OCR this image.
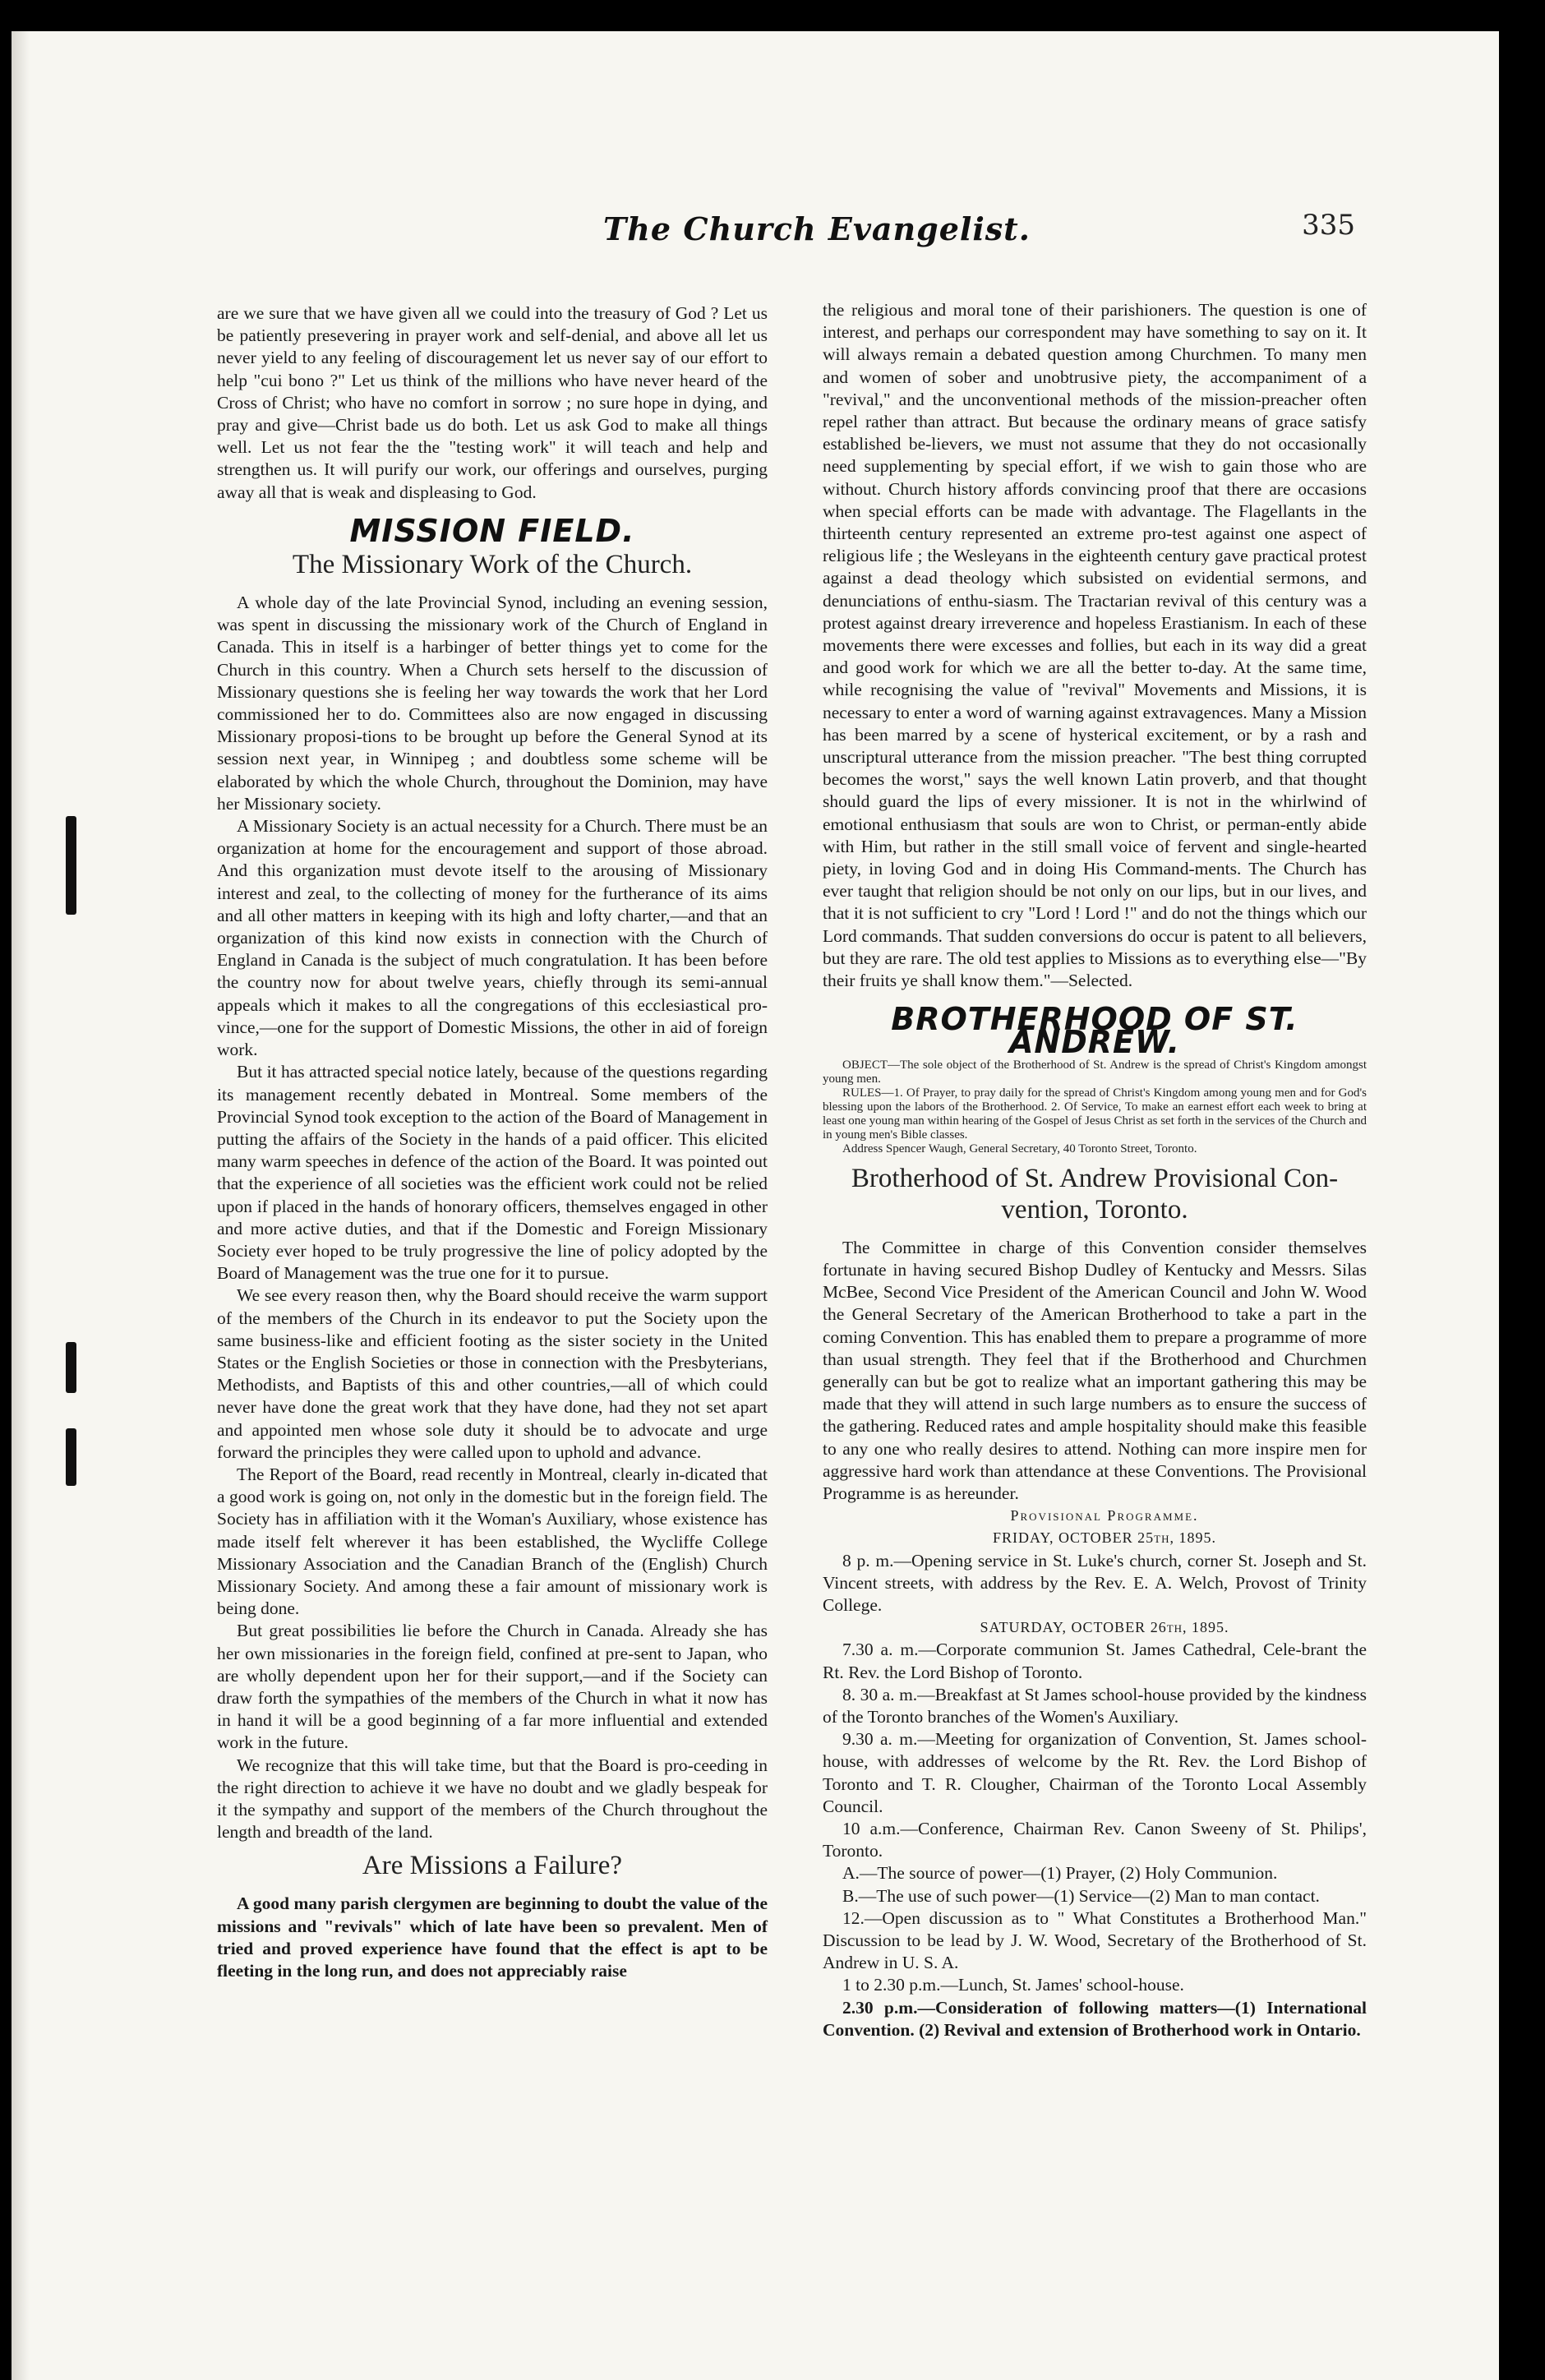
The Church Evangelist.	335

are we sure that we have given all we could into the treasury of God ? Let us be patiently presevering in prayer work and self-denial, and above all let us never yield to any feeling of discouragement let us never say of our effort to help "cui bono ?" Let us think of the millions who have never heard of the Cross of Christ; who have no comfort in sorrow ; no sure hope in dying, and pray and give—Christ bade us do both. Let us ask God to make all things well. Let us not fear the the "testing work" it will teach and help and strengthen us. It will purify our work, our offerings and ourselves, purging away all that is weak and displeasing to God.

MISSION FIELD.
The Missionary Work of the Church.

A whole day of the late Provincial Synod, including an evening session, was spent in discussing the missionary work of the Church of England in Canada. This in itself is a harbinger of better things yet to come for the Church in this country. When a Church sets herself to the discussion of Missionary questions she is feeling her way towards the work that her Lord commissioned her to do. Committees also are now engaged in discussing Missionary proposi-tions to be brought up before the General Synod at its session next year, in Winnipeg ; and doubtless some scheme will be elaborated by which the whole Church, throughout the Dominion, may have her Missionary society.

A Missionary Society is an actual necessity for a Church. There must be an organization at home for the encouragement and support of those abroad. And this organization must devote itself to the arousing of Missionary interest and zeal, to the collecting of money for the furtherance of its aims and all other matters in keeping with its high and lofty charter,—and that an organization of this kind now exists in connection with the Church of England in Canada is the subject of much congratulation. It has been before the country now for about twelve years, chiefly through its semi-annual appeals which it makes to all the congregations of this ecclesiastical pro-vince,—one for the support of Domestic Missions, the other in aid of foreign work.

But it has attracted special notice lately, because of the questions regarding its management recently debated in Montreal. Some members of the Provincial Synod took exception to the action of the Board of Management in putting the affairs of the Society in the hands of a paid officer. This elicited many warm speeches in defence of the action of the Board. It was pointed out that the experience of all societies was the efficient work could not be relied upon if placed in the hands of honorary officers, themselves engaged in other and more active duties, and that if the Domestic and Foreign Missionary Society ever hoped to be truly progressive the line of policy adopted by the Board of Management was the true one for it to pursue.

We see every reason then, why the Board should receive the warm support of the members of the Church in its endeavor to put the Society upon the same business-like and efficient footing as the sister society in the United States or the English Societies or those in connection with the Presbyterians, Methodists, and Baptists of this and other countries,—all of which could never have done the great work that they have done, had they not set apart and appointed men whose sole duty it should be to advocate and urge forward the principles they were called upon to uphold and advance.

The Report of the Board, read recently in Montreal, clearly in-dicated that a good work is going on, not only in the domestic but in the foreign field. The Society has in affiliation with it the Woman's Auxiliary, whose existence has made itself felt wherever it has been established, the Wycliffe College Missionary Association and the Canadian Branch of the (English) Church Missionary Society. And among these a fair amount of missionary work is being done.

But great possibilities lie before the Church in Canada. Already she has her own missionaries in the foreign field, confined at pre-sent to Japan, who are wholly dependent upon her for their support,—and if the Society can draw forth the sympathies of the members of the Church in what it now has in hand it will be a good beginning of a far more influential and extended work in the future.

We recognize that this will take time, but that the Board is pro-ceeding in the right direction to achieve it we have no doubt and we gladly bespeak for it the sympathy and support of the members of the Church throughout the length and breadth of the land.

Are Missions a Failure?

A good many parish clergymen are beginning to doubt the value of the missions and "revivals" which of late have been so prevalent. Men of tried and proved experience have found that the effect is apt to be fleeting in the long run, and does not appreciably raise

the religious and moral tone of their parishioners. The question is one of interest, and perhaps our correspondent may have something to say on it. It will always remain a debated question among Churchmen. To many men and women of sober and unobtrusive piety, the accompaniment of a "revival," and the unconventional methods of the mission-preacher often repel rather than attract. But because the ordinary means of grace satisfy established be-lievers, we must not assume that they do not occasionally need supplementing by special effort, if we wish to gain those who are without. Church history affords convincing proof that there are occasions when special efforts can be made with advantage. The Flagellants in the thirteenth century represented an extreme pro-test against one aspect of religious life ; the Wesleyans in the eighteenth century gave practical protest against a dead theology which subsisted on evidential sermons, and denunciations of enthu-siasm. The Tractarian revival of this century was a protest against dreary irreverence and hopeless Erastianism. In each of these movements there were excesses and follies, but each in its way did a great and good work for which we are all the better to-day. At the same time, while recognising the value of "revival" Movements and Missions, it is necessary to enter a word of warning against extravagences. Many a Mission has been marred by a scene of hysterical excitement, or by a rash and unscriptural utterance from the mission preacher. "The best thing corrupted becomes the worst," says the well known Latin proverb, and that thought should guard the lips of every missioner. It is not in the whirlwind of emotional enthusiasm that souls are won to Christ, or perman-ently abide with Him, but rather in the still small voice of fervent and single-hearted piety, in loving God and in doing His Command-ments. The Church has ever taught that religion should be not only on our lips, but in our lives, and that it is not sufficient to cry "Lord ! Lord !" and do not the things which our Lord commands. That sudden conversions do occur is patent to all believers, but they are rare. The old test applies to Missions as to everything else—"By their fruits ye shall know them."—Selected.

BROTHERHOOD OF ST. ANDREW.

OBJECT—The sole object of the Brotherhood of St. Andrew is the spread of Christ's Kingdom amongst young men.

RULES—1. Of Prayer, to pray daily for the spread of Christ's Kingdom among young men and for God's blessing upon the labors of the Brotherhood. 2. Of Service, To make an earnest effort each week to bring at least one young man within hearing of the Gospel of Jesus Christ as set forth in the services of the Church and in young men's Bible classes.

Address Spencer Waugh, General Secretary, 40 Toronto Street, Toronto.

Brotherhood of St. Andrew Provisional Con-vention, Toronto.

The Committee in charge of this Convention consider themselves fortunate in having secured Bishop Dudley of Kentucky and Messrs. Silas McBee, Second Vice President of the American Council and John W. Wood the General Secretary of the American Brotherhood to take a part in the coming Convention. This has enabled them to prepare a programme of more than usual strength. They feel that if the Brotherhood and Churchmen generally can but be got to realize what an important gathering this may be made that they will attend in such large numbers as to ensure the success of the gathering. Reduced rates and ample hospitality should make this feasible to any one who really desires to attend. Nothing can more inspire men for aggressive hard work than attendance at these Conventions. The Provisional Programme is as hereunder.

Provisional Programme.

FRIDAY, OCTOBER 25th, 1895.

8 p. m.—Opening service in St. Luke's church, corner St. Joseph and St. Vincent streets, with address by the Rev. E. A. Welch, Provost of Trinity College.

SATURDAY, OCTOBER 26th, 1895.

7.30 a. m.—Corporate communion St. James Cathedral, Cele-brant the Rt. Rev. the Lord Bishop of Toronto.

8. 30 a. m.—Breakfast at St James school-house provided by the kindness of the Toronto branches of the Women's Auxiliary.

9.30 a. m.—Meeting for organization of Convention, St. James school-house, with addresses of welcome by the Rt. Rev. the Lord Bishop of Toronto and T. R. Clougher, Chairman of the Toronto Local Assembly Council.

10 a.m.—Conference, Chairman Rev. Canon Sweeny of St. Philips', Toronto.

A.—The source of power—(1) Prayer, (2) Holy Communion.

B.—The use of such power—(1) Service—(2) Man to man contact.

12.—Open discussion as to " What Constitutes a Brotherhood Man." Discussion to be lead by J. W. Wood, Secretary of the Brotherhood of St. Andrew in U. S. A.

1 to 2.30 p.m.—Lunch, St. James' school-house.

2.30 p.m.—Consideration of following matters—(1) International Convention. (2) Revival and extension of Brotherhood work in Ontario.
